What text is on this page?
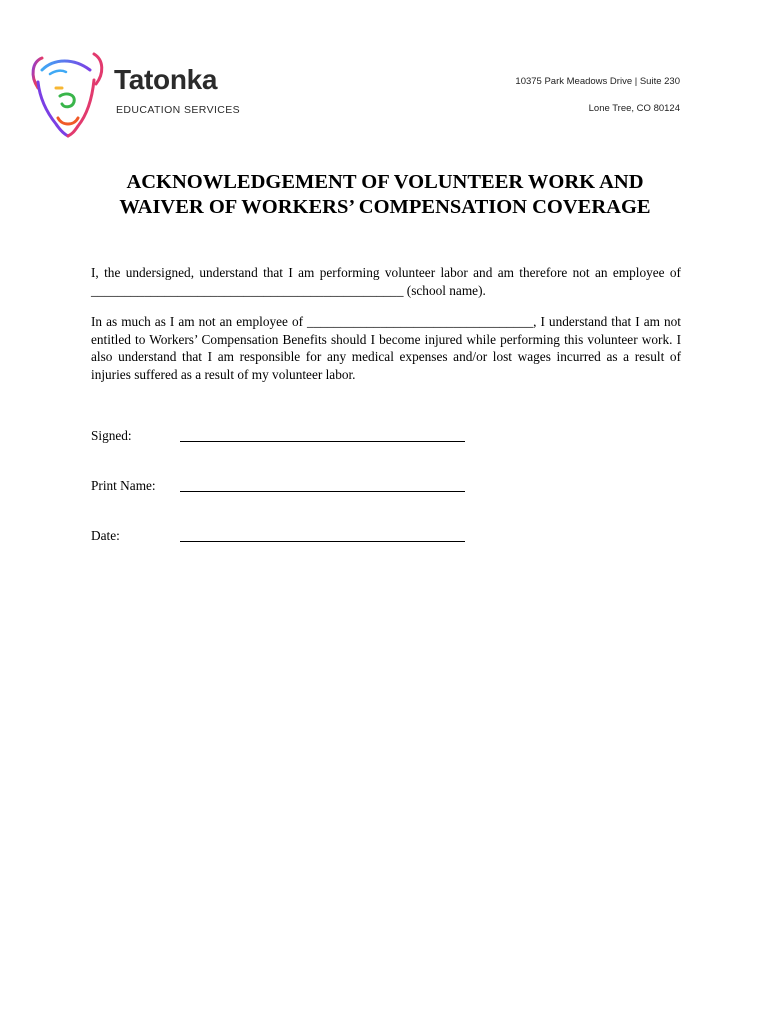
Tatonka
EDUCATION SERVICES
10375 Park Meadows Drive | Suite 230
Lone Tree, CO 80124
ACKNOWLEDGEMENT OF VOLUNTEER WORK AND
WAIVER OF WORKERS’ COMPENSATION COVERAGE
I, the undersigned, understand that I am performing volunteer labor and am therefore not an employee of _______________________________________________ (school name).
In as much as I am not an employee of __________________________________, I understand that I am not entitled to Workers’ Compensation Benefits should I become injured while performing this volunteer work. I also understand that I am responsible for any medical expenses and/or lost wages incurred as a result of injuries suffered as a result of my volunteer labor.
Signed:
Print Name:
Date:
